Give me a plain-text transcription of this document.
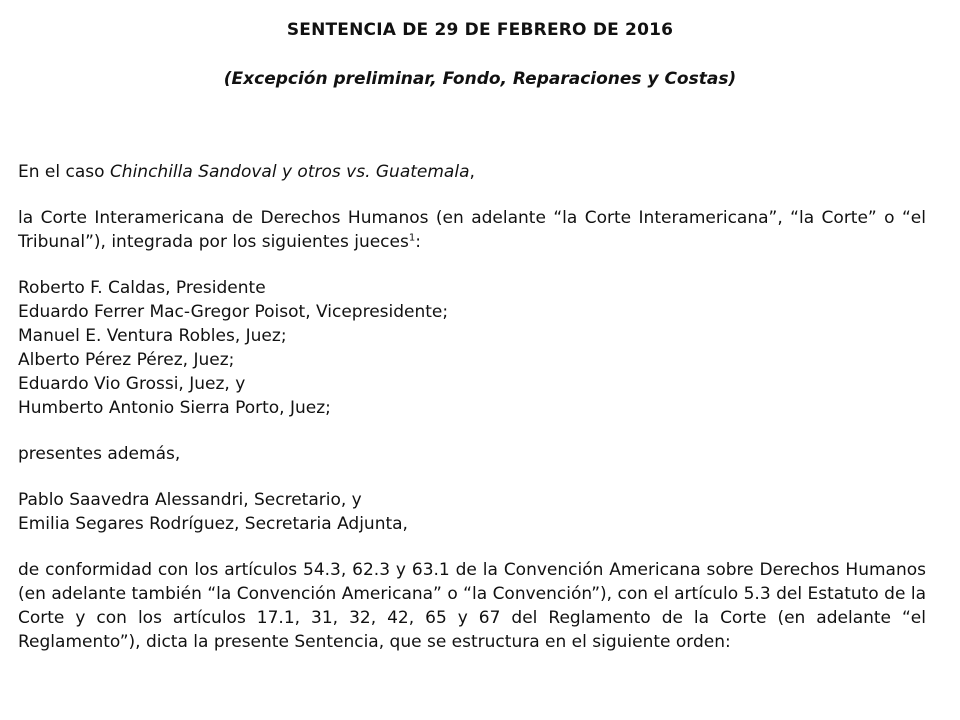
SENTENCIA DE 29 DE FEBRERO DE 2016
(Excepción preliminar, Fondo, Reparaciones y Costas)

En el caso Chinchilla Sandoval y otros vs. Guatemala,

la Corte Interamericana de Derechos Humanos (en adelante “la Corte Interamericana”, “la Corte” o “el Tribunal”), integrada por los siguientes jueces$^1$:

Roberto F. Caldas, Presidente

Eduardo Ferrer Mac-Gregor Poisot, Vicepresidente;

Manuel E. Ventura Robles, Juez;

Alberto Pérez Pérez, Juez;

Eduardo Vio Grossi, Juez, y

Humberto Antonio Sierra Porto, Juez;

presentes además,

Pablo Saavedra Alessandri, Secretario, y

Emilia Segares Rodríguez, Secretaria Adjunta,

de conformidad con los artículos 54.3, 62.3 y 63.1 de la Convención Americana sobre Derechos Humanos (en adelante también “la Convención Americana” o “la Convención”), con el artículo 5.3 del Estatuto de la Corte y con los artículos 17.1, 31, 32, 42, 65 y 67 del Reglamento de la Corte (en adelante “el Reglamento”), dicta la presente Sentencia, que se estructura en el siguiente orden:
